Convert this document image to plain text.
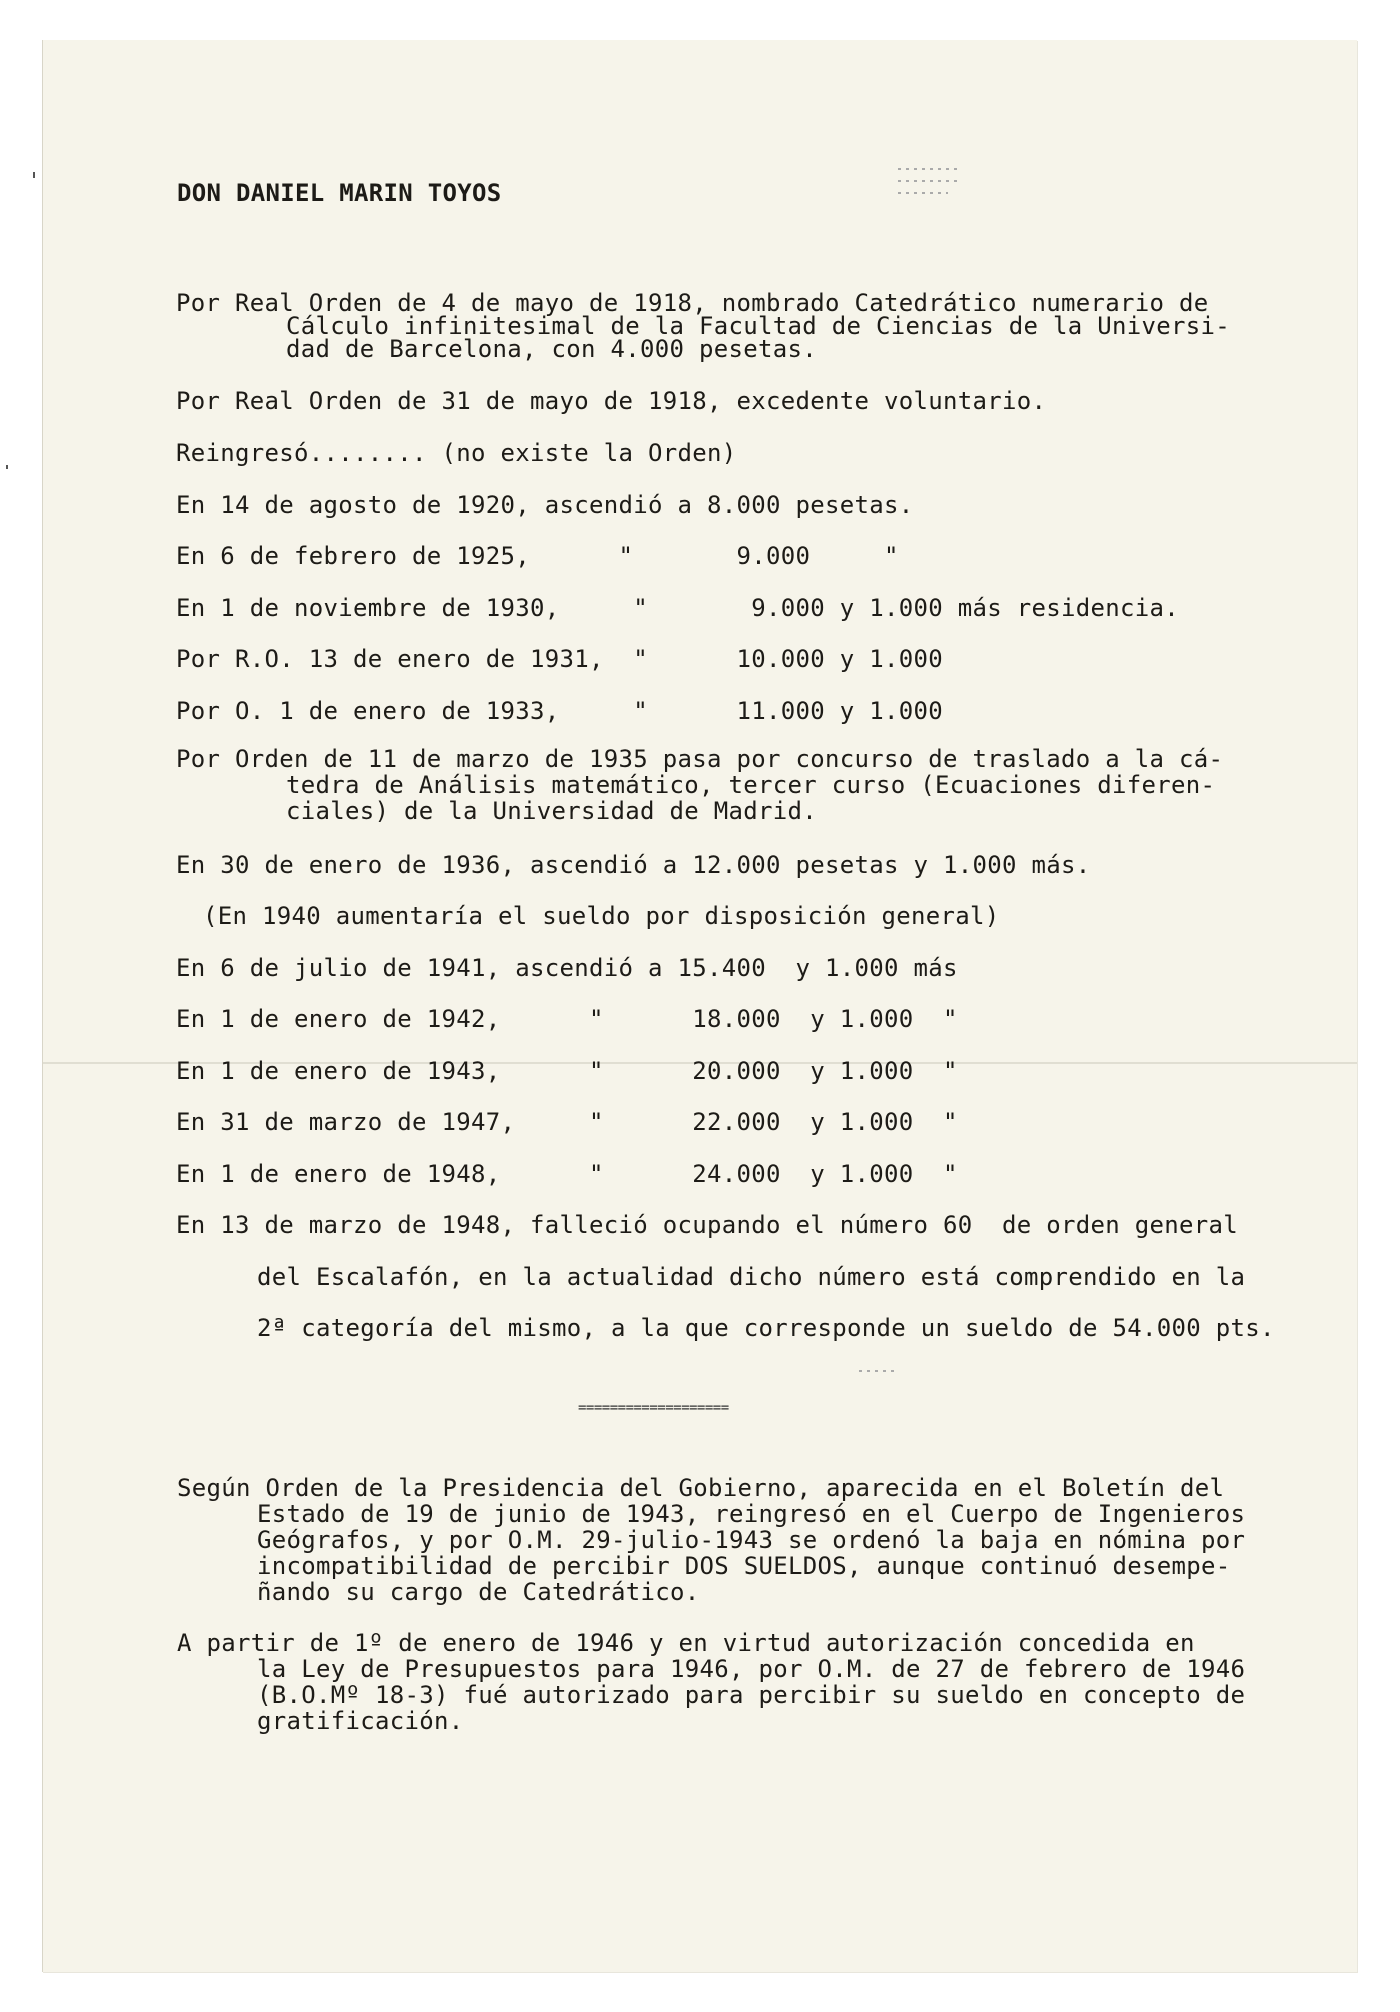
DON DANIEL MARIN TOYOS
Por Real Orden de 4 de mayo de 1918, nombrado Catedrático numerario de
Cálculo infinitesimal de la Facultad de Ciencias de la Universi-
dad de Barcelona, con 4.000 pesetas.
Por Real Orden de 31 de mayo de 1918, excedente voluntario.
Reingresó........ (no existe la Orden)
En 14 de agosto de 1920, ascendió a 8.000 pesetas.
En 6 de febrero de 1925,      "       9.000     "
En 1 de noviembre de 1930,     "       9.000 y 1.000 más residencia.
Por R.O. 13 de enero de 1931,  "      10.000 y 1.000
Por O. 1 de enero de 1933,     "      11.000 y 1.000
Por Orden de 11 de marzo de 1935 pasa por concurso de traslado a la cá-
tedra de Análisis matemático, tercer curso (Ecuaciones diferen-
ciales) de la Universidad de Madrid.
En 30 de enero de 1936, ascendió a 12.000 pesetas y 1.000 más.
(En 1940 aumentaría el sueldo por disposición general)
En 6 de julio de 1941, ascendió a 15.400  y 1.000 más
En 1 de enero de 1942,      "      18.000  y 1.000  "
En 1 de enero de 1943,      "      20.000  y 1.000  "
En 31 de marzo de 1947,     "      22.000  y 1.000  "
En 1 de enero de 1948,      "      24.000  y 1.000  "
En 13 de marzo de 1948, falleció ocupando el número 60  de orden general
del Escalafón, en la actualidad dicho número está comprendido en la
2ª categoría del mismo, a la que corresponde un sueldo de 54.000 pts.
===================
Según Orden de la Presidencia del Gobierno, aparecida en el Boletín del
Estado de 19 de junio de 1943, reingresó en el Cuerpo de Ingenieros
Geógrafos, y por O.M. 29-julio-1943 se ordenó la baja en nómina por
incompatibilidad de percibir DOS SUELDOS, aunque continuó desempe-
ñando su cargo de Catedrático.
A partir de 1º de enero de 1946 y en virtud autorización concedida en
la Ley de Presupuestos para 1946, por O.M. de 27 de febrero de 1946
(B.O.Mº 18-3) fué autorizado para percibir su sueldo en concepto de
gratificación.
